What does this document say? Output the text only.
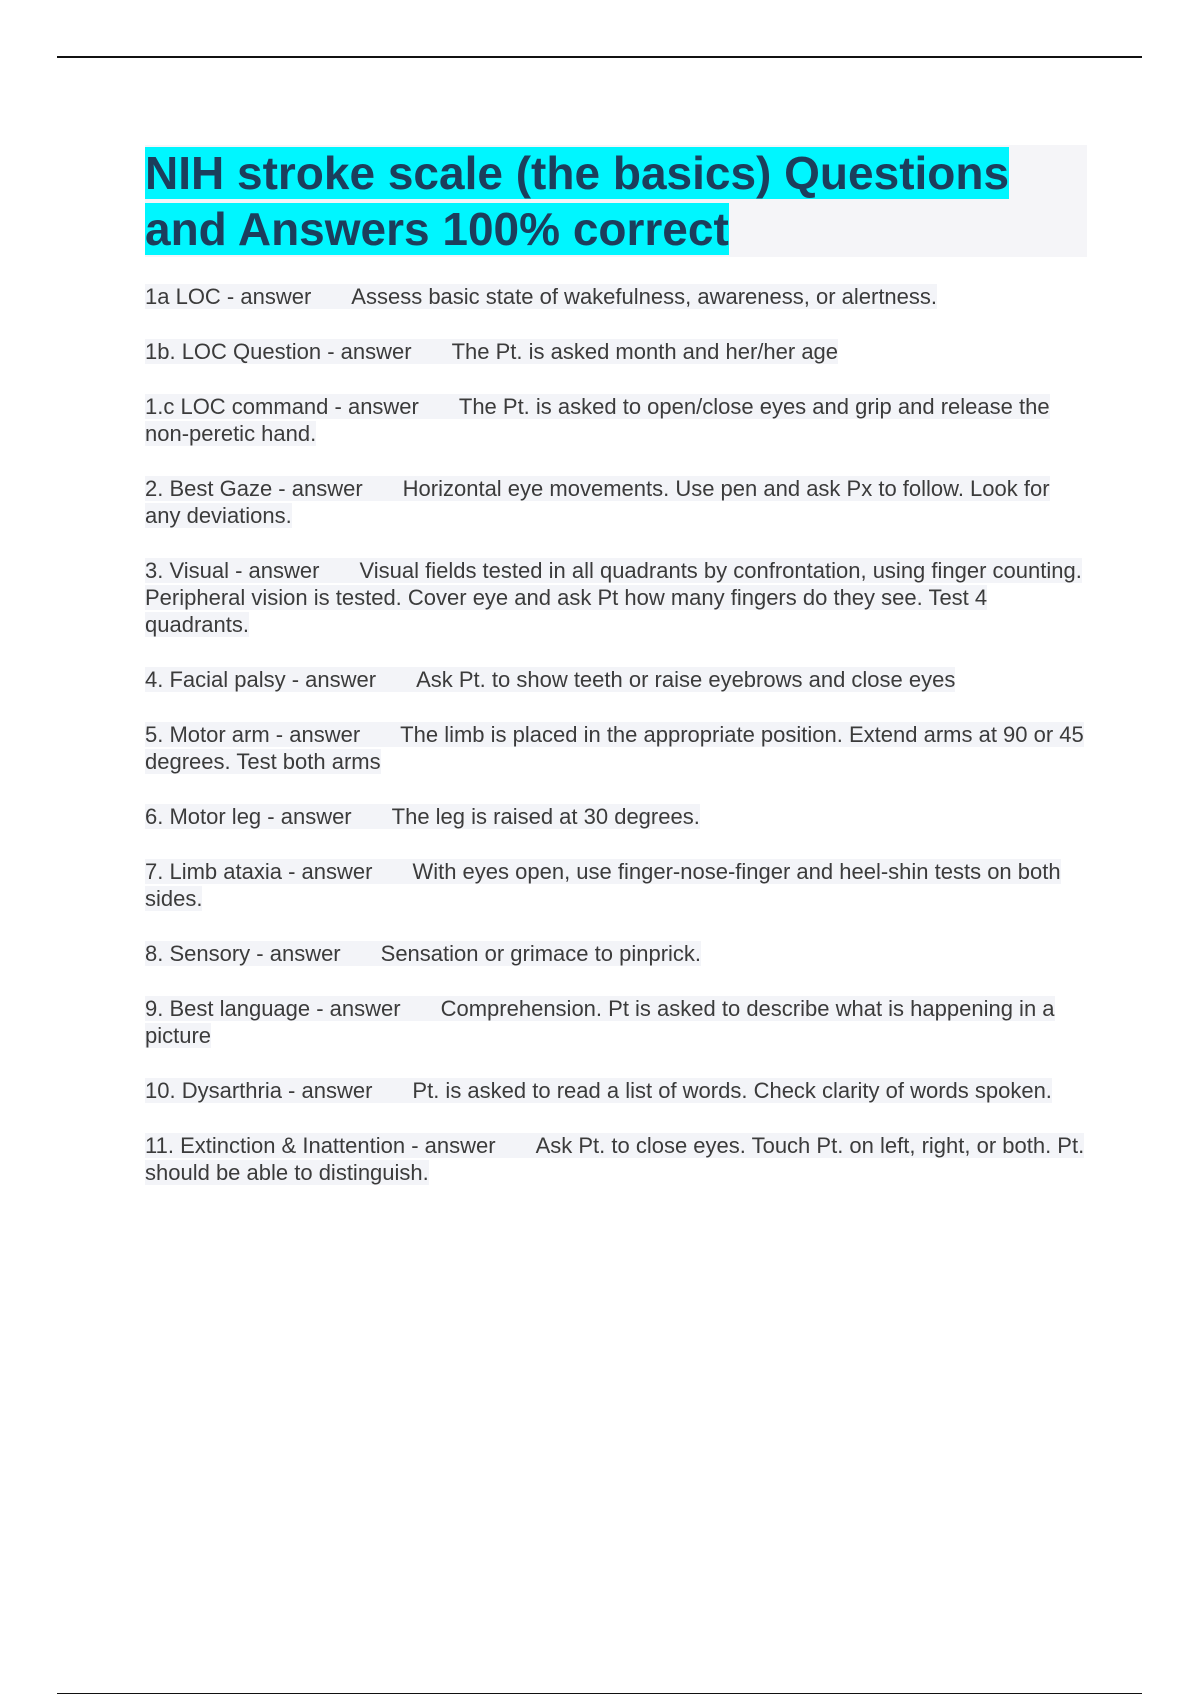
NIH stroke scale (the basics) Questions and Answers 100% correct

1a LOC - answer Assess basic state of wakefulness, awareness, or alertness.

1b. LOC Question - answer The Pt. is asked month and her/her age

1.c LOC command - answer The Pt. is asked to open/close eyes and grip and release the non-peretic hand.

2. Best Gaze - answer Horizontal eye movements. Use pen and ask Px to follow. Look for any deviations.

3. Visual - answer Visual fields tested in all quadrants by confrontation, using finger counting. Peripheral vision is tested. Cover eye and ask Pt how many fingers do they see. Test 4 quadrants.

4. Facial palsy - answer Ask Pt. to show teeth or raise eyebrows and close eyes

5. Motor arm - answer The limb is placed in the appropriate position. Extend arms at 90 or 45 degrees. Test both arms

6. Motor leg - answer The leg is raised at 30 degrees.

7. Limb ataxia - answer With eyes open, use finger-nose-finger and heel-shin tests on both sides.

8. Sensory - answer Sensation or grimace to pinprick.

9. Best language - answer Comprehension. Pt is asked to describe what is happening in a picture

10. Dysarthria - answer Pt. is asked to read a list of words. Check clarity of words spoken.

11. Extinction & Inattention - answer Ask Pt. to close eyes. Touch Pt. on left, right, or both. Pt. should be able to distinguish.
